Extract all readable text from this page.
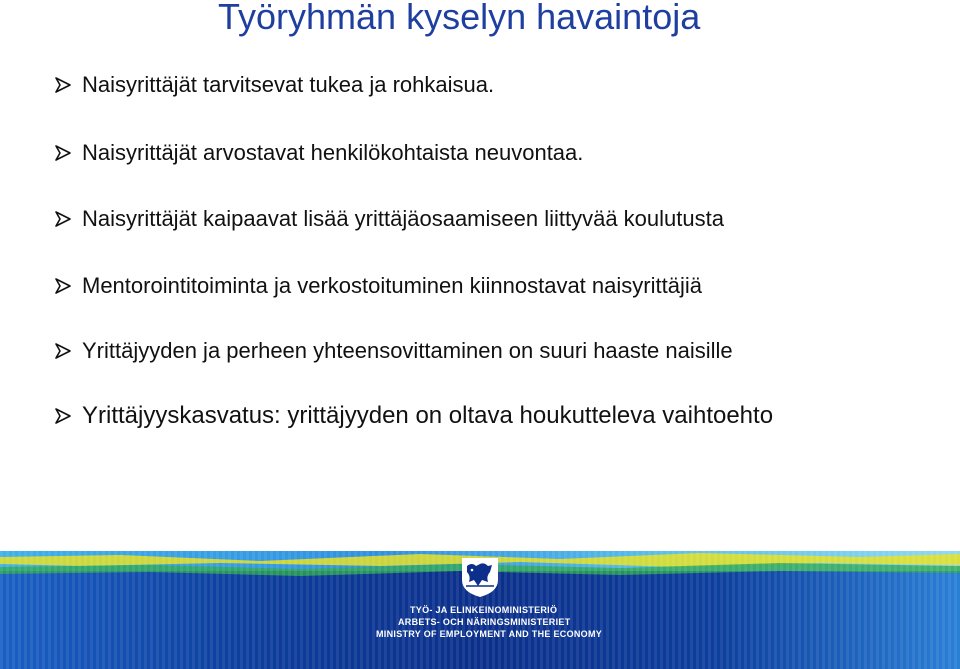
Työryhmän kyselyn havaintoja
Naisyrittäjät tarvitsevat tukea ja rohkaisua.
Naisyrittäjät arvostavat henkilökohtaista neuvontaa.
Naisyrittäjät kaipaavat lisää yrittäjäosaamiseen liittyvää koulutusta
Mentorointitoiminta ja verkostoituminen kiinnostavat naisyrittäjiä
Yrittäjyyden ja perheen yhteensovittaminen on suuri haaste naisille
Yrittäjyyskasvatus: yrittäjyyden on oltava houkutteleva vaihtoehto
TYÖ- JA ELINKEINOMINISTERIÖ
ARBETS- OCH NÄRINGSMINISTERIET
MINISTRY OF EMPLOYMENT AND THE ECONOMY
